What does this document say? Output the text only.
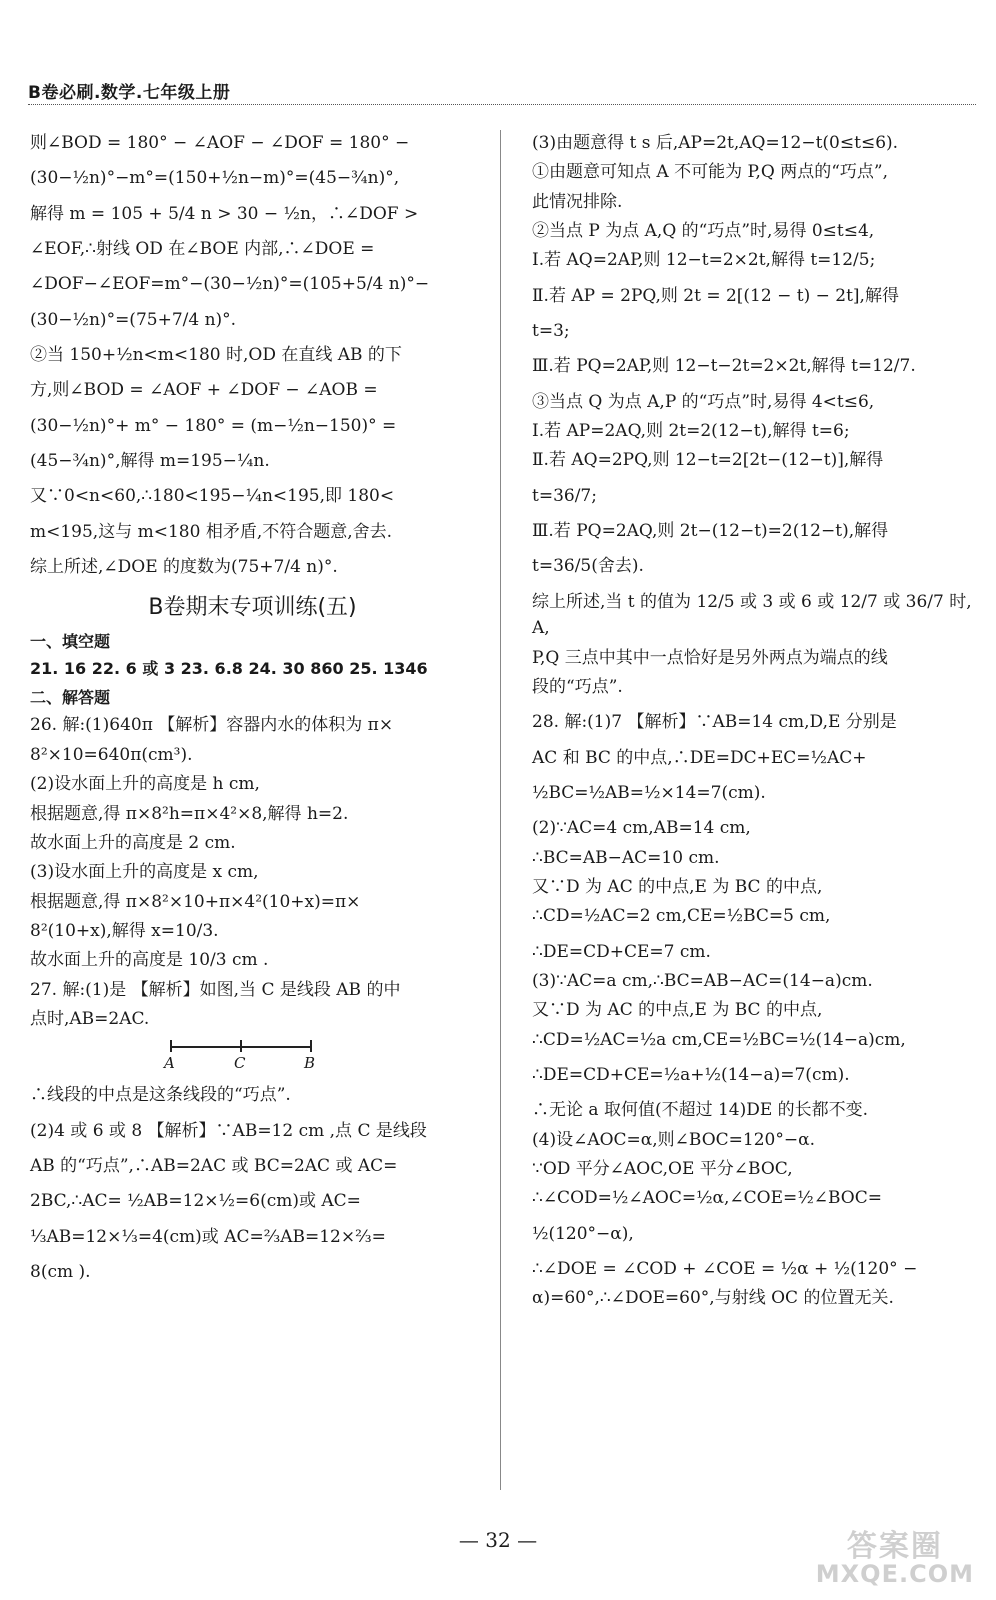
B卷必刷.数学.七年级上册

则∠BOD = 180° − ∠AOF − ∠DOF = 180° −

(30−½n)°−m°=(150+½n−m)°=(45−¾n)°,

解得 m = 105 + 5/4 n > 30 − ½n，∴∠DOF >

∠EOF,∴射线 OD 在∠BOE 内部,∴∠DOE =

∠DOF−∠EOF=m°−(30−½n)°=(105+5/4 n)°−

(30−½n)°=(75+7/4 n)°.

②当 150+½n<m<180 时,OD 在直线 AB 的下

方,则∠BOD = ∠AOF + ∠DOF − ∠AOB =

(30−½n)°+ m° − 180° = (m−½n−150)° =

(45−¾n)°,解得 m=195−¼n.

又∵0<n<60,∴180<195−¼n<195,即 180<

m<195,这与 m<180 相矛盾,不符合题意,舍去.

综上所述,∠DOE 的度数为(75+7/4 n)°.

B卷期末专项训练(五)
一、填空题
21. 16 22. 6 或 3 23. 6.8 24. 30 860 25. 1346
二、解答题

26. 解:(1)640π 【解析】容器内水的体积为 π×

8²×10=640π(cm³).

(2)设水面上升的高度是 h cm,

根据题意,得 π×8²h=π×4²×8,解得 h=2.

故水面上升的高度是 2 cm.

(3)设水面上升的高度是 x cm,

根据题意,得 π×8²×10+π×4²(10+x)=π×

8²(10+x),解得 x=10/3.

故水面上升的高度是 10/3 cm .

27. 解:(1)是 【解析】如图,当 C 是线段 AB 的中

点时,AB=2AC.

A	C	B

∴线段的中点是这条线段的“巧点”.

(2)4 或 6 或 8 【解析】∵AB=12 cm ,点 C 是线段

AB 的“巧点”,∴AB=2AC 或 BC=2AC 或 AC=

2BC,∴AC= ½AB=12×½=6(cm)或 AC=

⅓AB=12×⅓=4(cm)或 AC=⅔AB=12×⅔=

8(cm ).

(3)由题意得 t s 后,AP=2t,AQ=12−t(0≤t≤6).

①由题意可知点 A 不可能为 P,Q 两点的“巧点”,

此情况排除.

②当点 P 为点 A,Q 的“巧点”时,易得 0≤t≤4,

Ⅰ.若 AQ=2AP,则 12−t=2×2t,解得 t=12/5;

Ⅱ.若 AP = 2PQ,则 2t = 2[(12 − t) − 2t],解得

t=3;

Ⅲ.若 PQ=2AP,则 12−t−2t=2×2t,解得 t=12/7.

③当点 Q 为点 A,P 的“巧点”时,易得 4<t≤6,

Ⅰ.若 AP=2AQ,则 2t=2(12−t),解得 t=6;

Ⅱ.若 AQ=2PQ,则 12−t=2[2t−(12−t)],解得

t=36/7;

Ⅲ.若 PQ=2AQ,则 2t−(12−t)=2(12−t),解得

t=36/5(舍去).

综上所述,当 t 的值为 12/5 或 3 或 6 或 12/7 或 36/7 时,A,

P,Q 三点中其中一点恰好是另外两点为端点的线

段的“巧点”.

28. 解:(1)7 【解析】∵AB=14 cm,D,E 分别是

AC 和 BC 的中点,∴DE=DC+EC=½AC+

½BC=½AB=½×14=7(cm).

(2)∵AC=4 cm,AB=14 cm,

∴BC=AB−AC=10 cm.

又∵D 为 AC 的中点,E 为 BC 的中点,

∴CD=½AC=2 cm,CE=½BC=5 cm,

∴DE=CD+CE=7 cm.

(3)∵AC=a cm,∴BC=AB−AC=(14−a)cm.

又∵D 为 AC 的中点,E 为 BC 的中点,

∴CD=½AC=½a cm,CE=½BC=½(14−a)cm,

∴DE=CD+CE=½a+½(14−a)=7(cm).

∴无论 a 取何值(不超过 14)DE 的长都不变.

(4)设∠AOC=α,则∠BOC=120°−α.

∵OD 平分∠AOC,OE 平分∠BOC,

∴∠COD=½∠AOC=½α,∠COE=½∠BOC=

½(120°−α),

∴∠DOE = ∠COD + ∠COE = ½α + ½(120° −

α)=60°,∴∠DOE=60°,与射线 OC 的位置无关.

— 32 —	答案圈
MXQE.COM
